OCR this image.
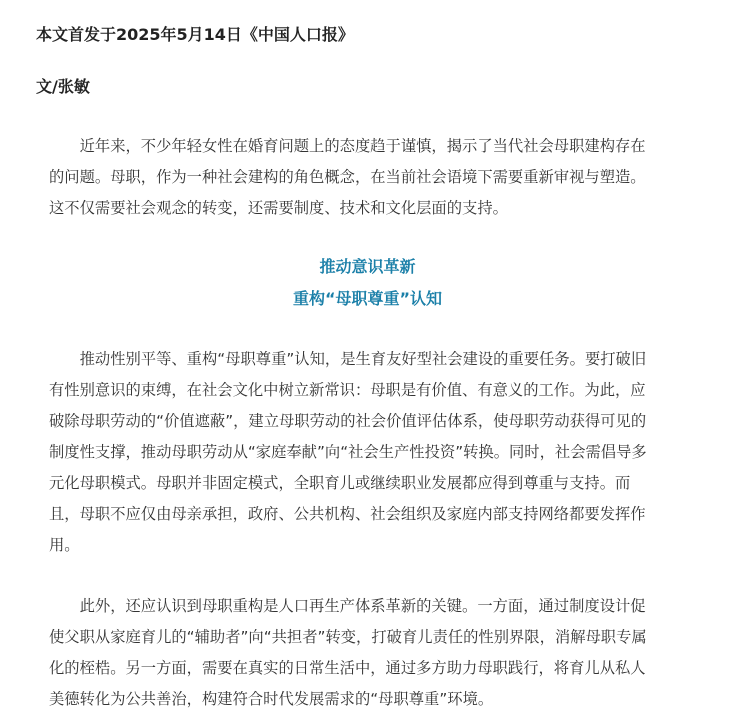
本文首发于2025年5月14日《中国人口报》
文/张敏
近年来，不少年轻女性在婚育问题上的态度趋于谨慎，揭示了当代社会母职建构存在
的问题。母职，作为一种社会建构的角色概念，在当前社会语境下需要重新审视与塑造。
这不仅需要社会观念的转变，还需要制度、技术和文化层面的支持。
推动意识革新
重构“母职尊重”认知
推动性别平等、重构“母职尊重”认知，是生育友好型社会建设的重要任务。要打破旧
有性别意识的束缚，在社会文化中树立新常识：母职是有价值、有意义的工作。为此，应
破除母职劳动的“价值遮蔽”，建立母职劳动的社会价值评估体系，使母职劳动获得可见的
制度性支撑，推动母职劳动从“家庭奉献”向“社会生产性投资”转换。同时，社会需倡导多
元化母职模式。母职并非固定模式，全职育儿或继续职业发展都应得到尊重与支持。而
且，母职不应仅由母亲承担，政府、公共机构、社会组织及家庭内部支持网络都要发挥作
用。
此外，还应认识到母职重构是人口再生产体系革新的关键。一方面，通过制度设计促
使父职从家庭育儿的“辅助者”向“共担者”转变，打破育儿责任的性别界限，消解母职专属
化的桎梏。另一方面，需要在真实的日常生活中，通过多方助力母职践行，将育儿从私人
美德转化为公共善治，构建符合时代发展需求的“母职尊重”环境。
